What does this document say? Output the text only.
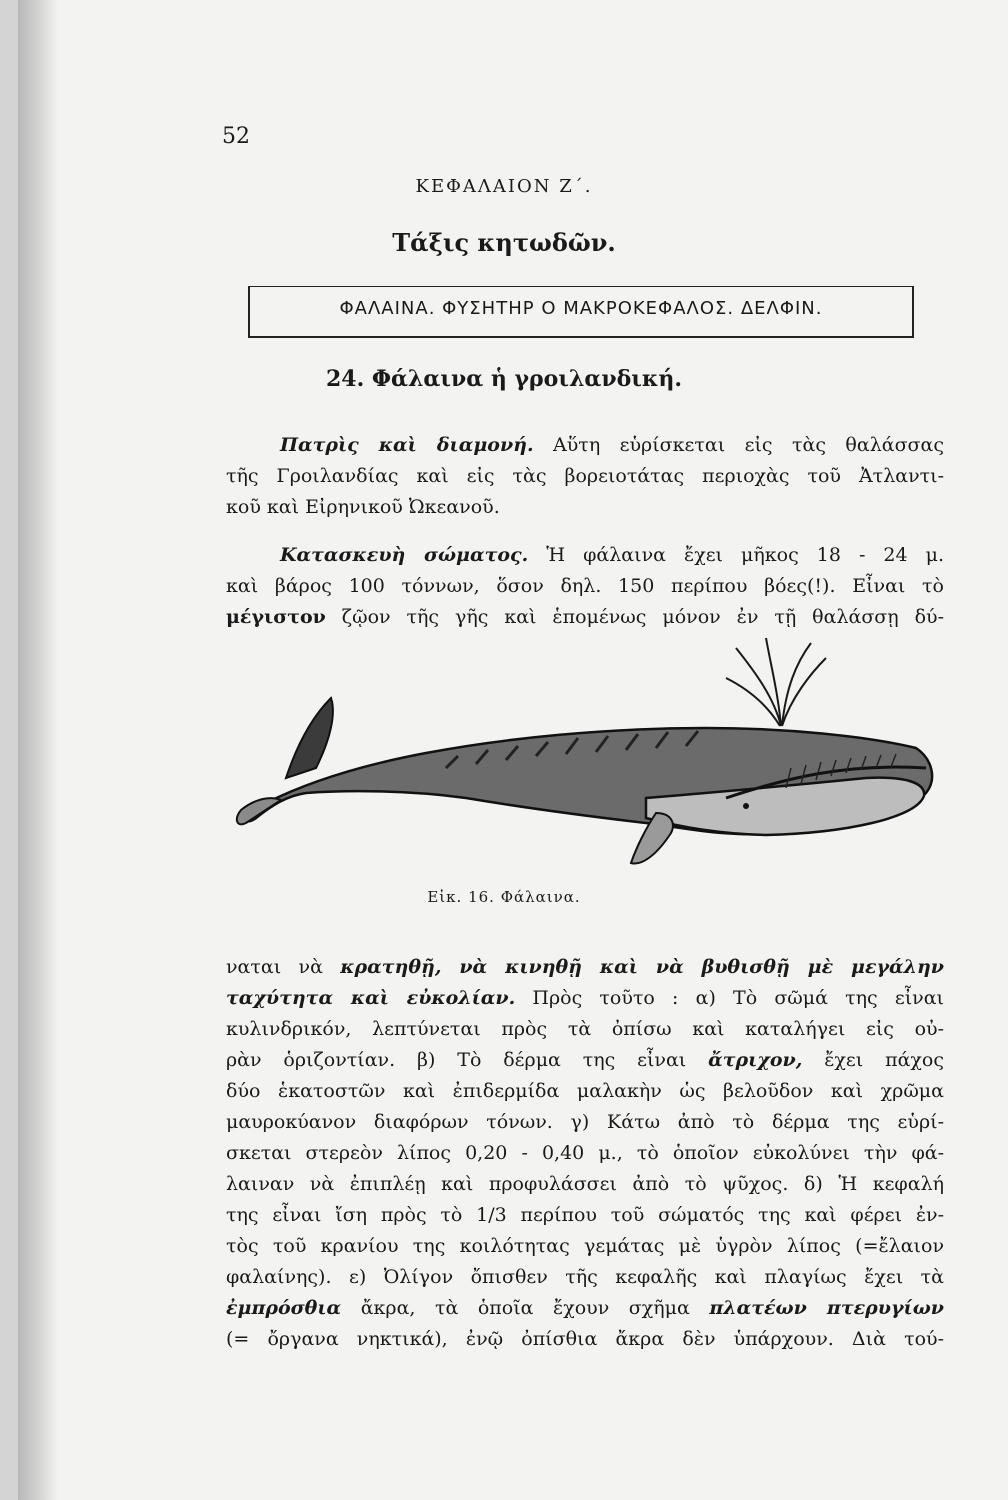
52
ΚΕΦΑΛΑΙΟΝ Ζ΄.
Τάξις κητωδῶν.
ΦΑΛΑΙΝΑ. ΦΥΣΗΤΗΡ Ο ΜΑΚΡΟΚΕΦΑΛΟΣ. ΔΕΛΦΙΝ.
24. Φάλαινα ἡ γροιλανδική.
Πατρὶς καὶ διαμονή. Αὕτη εὑρίσκεται εἰς τὰς θαλάσσας
τῆς Γροιλανδίας καὶ εἰς τὰς βορειοτάτας περιοχὰς τοῦ Ἀτλαντι-
κοῦ καὶ Εἰρηνικοῦ Ὠκεανοῦ.
Κατασκευὴ σώματος. Ἡ φάλαινα ἔχει μῆκος 18 - 24 μ.
καὶ βάρος 100 τόννων, ὅσον δηλ. 150 περίπου βόες(!). Εἶναι τὸ
μέγιστον ζῷον τῆς γῆς καὶ ἑπομένως μόνον ἐν τῇ θαλάσσῃ δύ-
Εἰκ. 16. Φάλαινα.
ναται νὰ κρατηθῇ, νὰ κινηθῇ καὶ νὰ βυθισθῇ μὲ μεγάλην
ταχύτητα καὶ εὐκολίαν. Πρὸς τοῦτο : α) Τὸ σῶμά της εἶναι
κυλινδρικόν, λεπτύνεται πρὸς τὰ ὀπίσω καὶ καταλήγει εἰς οὐ-
ρὰν ὁριζοντίαν. β) Τὸ δέρμα της εἶναι ἄτριχον, ἔχει πάχος
δύο ἑκατοστῶν καὶ ἐπιδερμίδα μαλακὴν ὡς βελοῦδον καὶ χρῶμα
μαυροκύανον διαφόρων τόνων. γ) Κάτω ἀπὸ τὸ δέρμα της εὑρί-
σκεται στερεὸν λίπος 0,20 - 0,40 μ., τὸ ὁποῖον εὐκολύνει τὴν φά-
λαιναν νὰ ἐπιπλέῃ καὶ προφυλάσσει ἀπὸ τὸ ψῦχος. δ) Ἡ κεφαλή
της εἶναι ἴση πρὸς τὸ 1/3 περίπου τοῦ σώματός της καὶ φέρει ἐν-
τὸς τοῦ κρανίου της κοιλότητας γεμάτας μὲ ὑγρὸν λίπος (=ἔλαιον
φαλαίνης). ε) Ὀλίγον ὄπισθεν τῆς κεφαλῆς καὶ πλαγίως ἔχει τὰ
ἐμπρόσθια ἄκρα, τὰ ὁποῖα ἔχουν σχῆμα πλατέων πτερυγίων
(= ὄργανα νηκτικά), ἐνῷ ὀπίσθια ἄκρα δὲν ὑπάρχουν. Διὰ τού-
